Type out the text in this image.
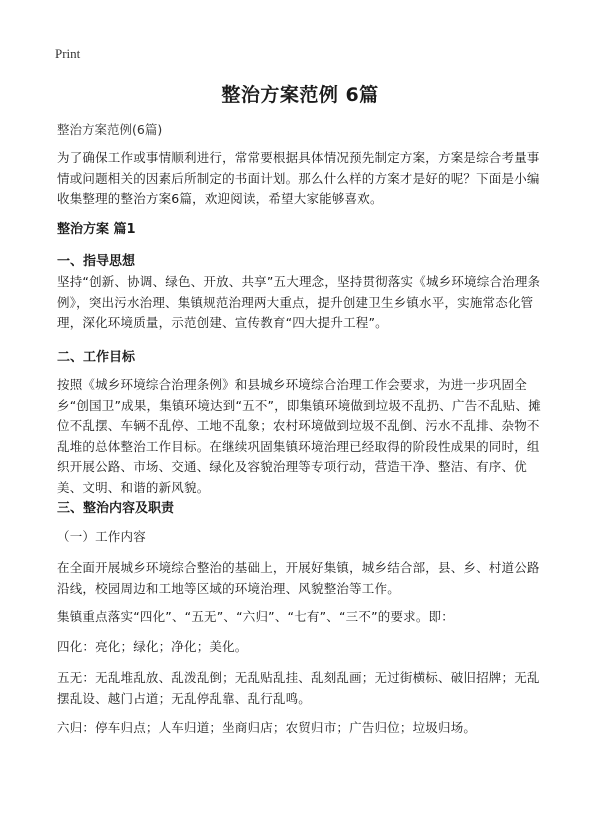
Print
整治方案范例 6篇
整治方案范例(6篇)

为了确保工作或事情顺利进行，常常要根据具体情况预先制定方案，方案是综合考量事情或问题相关的因素后所制定的书面计划。那么什么样的方案才是好的呢？下面是小编收集整理的整治方案6篇，欢迎阅读，希望大家能够喜欢。

整治方案 篇1
一、指导思想

坚持“创新、协调、绿色、开放、共享”五大理念，坚持贯彻落实《城乡环境综合治理条例》，突出污水治理、集镇规范治理两大重点，提升创建卫生乡镇水平，实施常态化管理，深化环境质量，示范创建、宣传教育“四大提升工程”。

二、工作目标

按照《城乡环境综合治理条例》和县城乡环境综合治理工作会要求，为进一步巩固全乡“创国卫”成果，集镇环境达到“五不”，即集镇环境做到垃圾不乱扔、广告不乱贴、摊位不乱摆、车辆不乱停、工地不乱象；农村环境做到垃圾不乱倒、污水不乱排、杂物不乱堆的总体整治工作目标。在继续巩固集镇环境治理已经取得的阶段性成果的同时，组织开展公路、市场、交通、绿化及容貌治理等专项行动，营造干净、整洁、有序、优美、文明、和谐的新风貌。

三、整治内容及职责

（一）工作内容

在全面开展城乡环境综合整治的基础上，开展好集镇，城乡结合部，县、乡、村道公路沿线，校园周边和工地等区域的环境治理、风貌整治等工作。

集镇重点落实“四化”、“五无”、“六归”、“七有”、“三不”的要求。即：

四化：亮化；绿化；净化；美化。

五无：无乱堆乱放、乱泼乱倒；无乱贴乱挂、乱刻乱画；无过街横标、破旧招牌；无乱摆乱设、越门占道；无乱停乱靠、乱行乱鸣。

六归：停车归点；人车归道；坐商归店；农贸归市；广告归位；垃圾归场。
